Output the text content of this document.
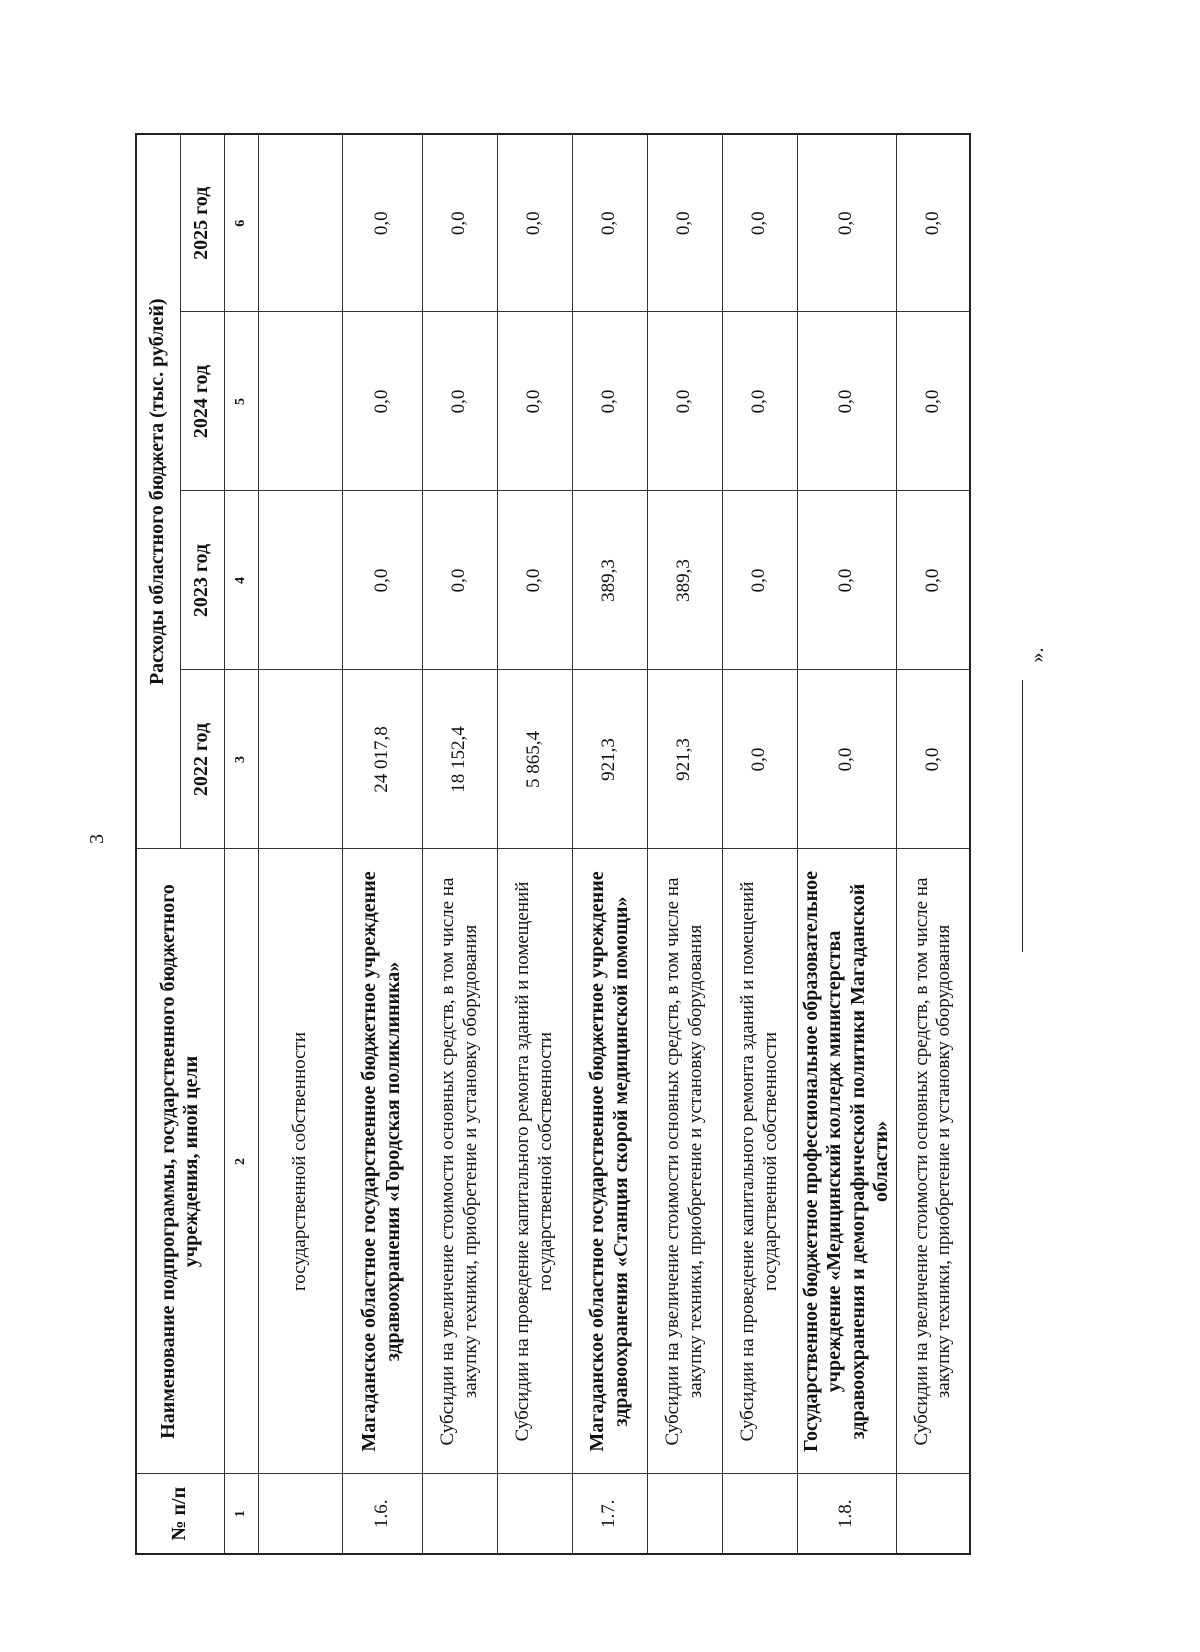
3
№ п/п	Наименование подпрограммы, государственного бюджетного учреждения, иной цели	Расходы областного бюджета (тыс. рублей)			
		2022 год	2023 год	2024 год	2025 год
1	2	3	4	5	6
	государственной собственности				
1.6.	Магаданское областное государственное бюджетное учреждение здравоохранения «Городская поликлиника»	24 017,8	0,0	0,0	0,0
	Субсидии на увеличение стоимости основных средств, в том числе на закупку техники, приобретение и установку оборудования	18 152,4	0,0	0,0	0,0
	Субсидии на проведение капитального ремонта зданий и помещений государственной собственности	5 865,4	0,0	0,0	0,0
1.7.	Магаданское областное государственное бюджетное учреждение здравоохранения «Станция скорой медицинской помощи»	921,3	389,3	0,0	0,0
	Субсидии на увеличение стоимости основных средств, в том числе на закупку техники, приобретение и установку оборудования	921,3	389,3	0,0	0,0
	Субсидии на проведение капитального ремонта зданий и помещений государственной собственности	0,0	0,0	0,0	0,0
1.8.	Государственное бюджетное профессиональное образовательное учреждение «Медицинский колледж министерства здравоохранения и демографической политики Магаданской области»	0,0	0,0	0,0	0,0
	Субсидии на увеличение стоимости основных средств, в том числе на закупку техники, приобретение и установку оборудования	0,0	0,0	0,0	0,0
».
